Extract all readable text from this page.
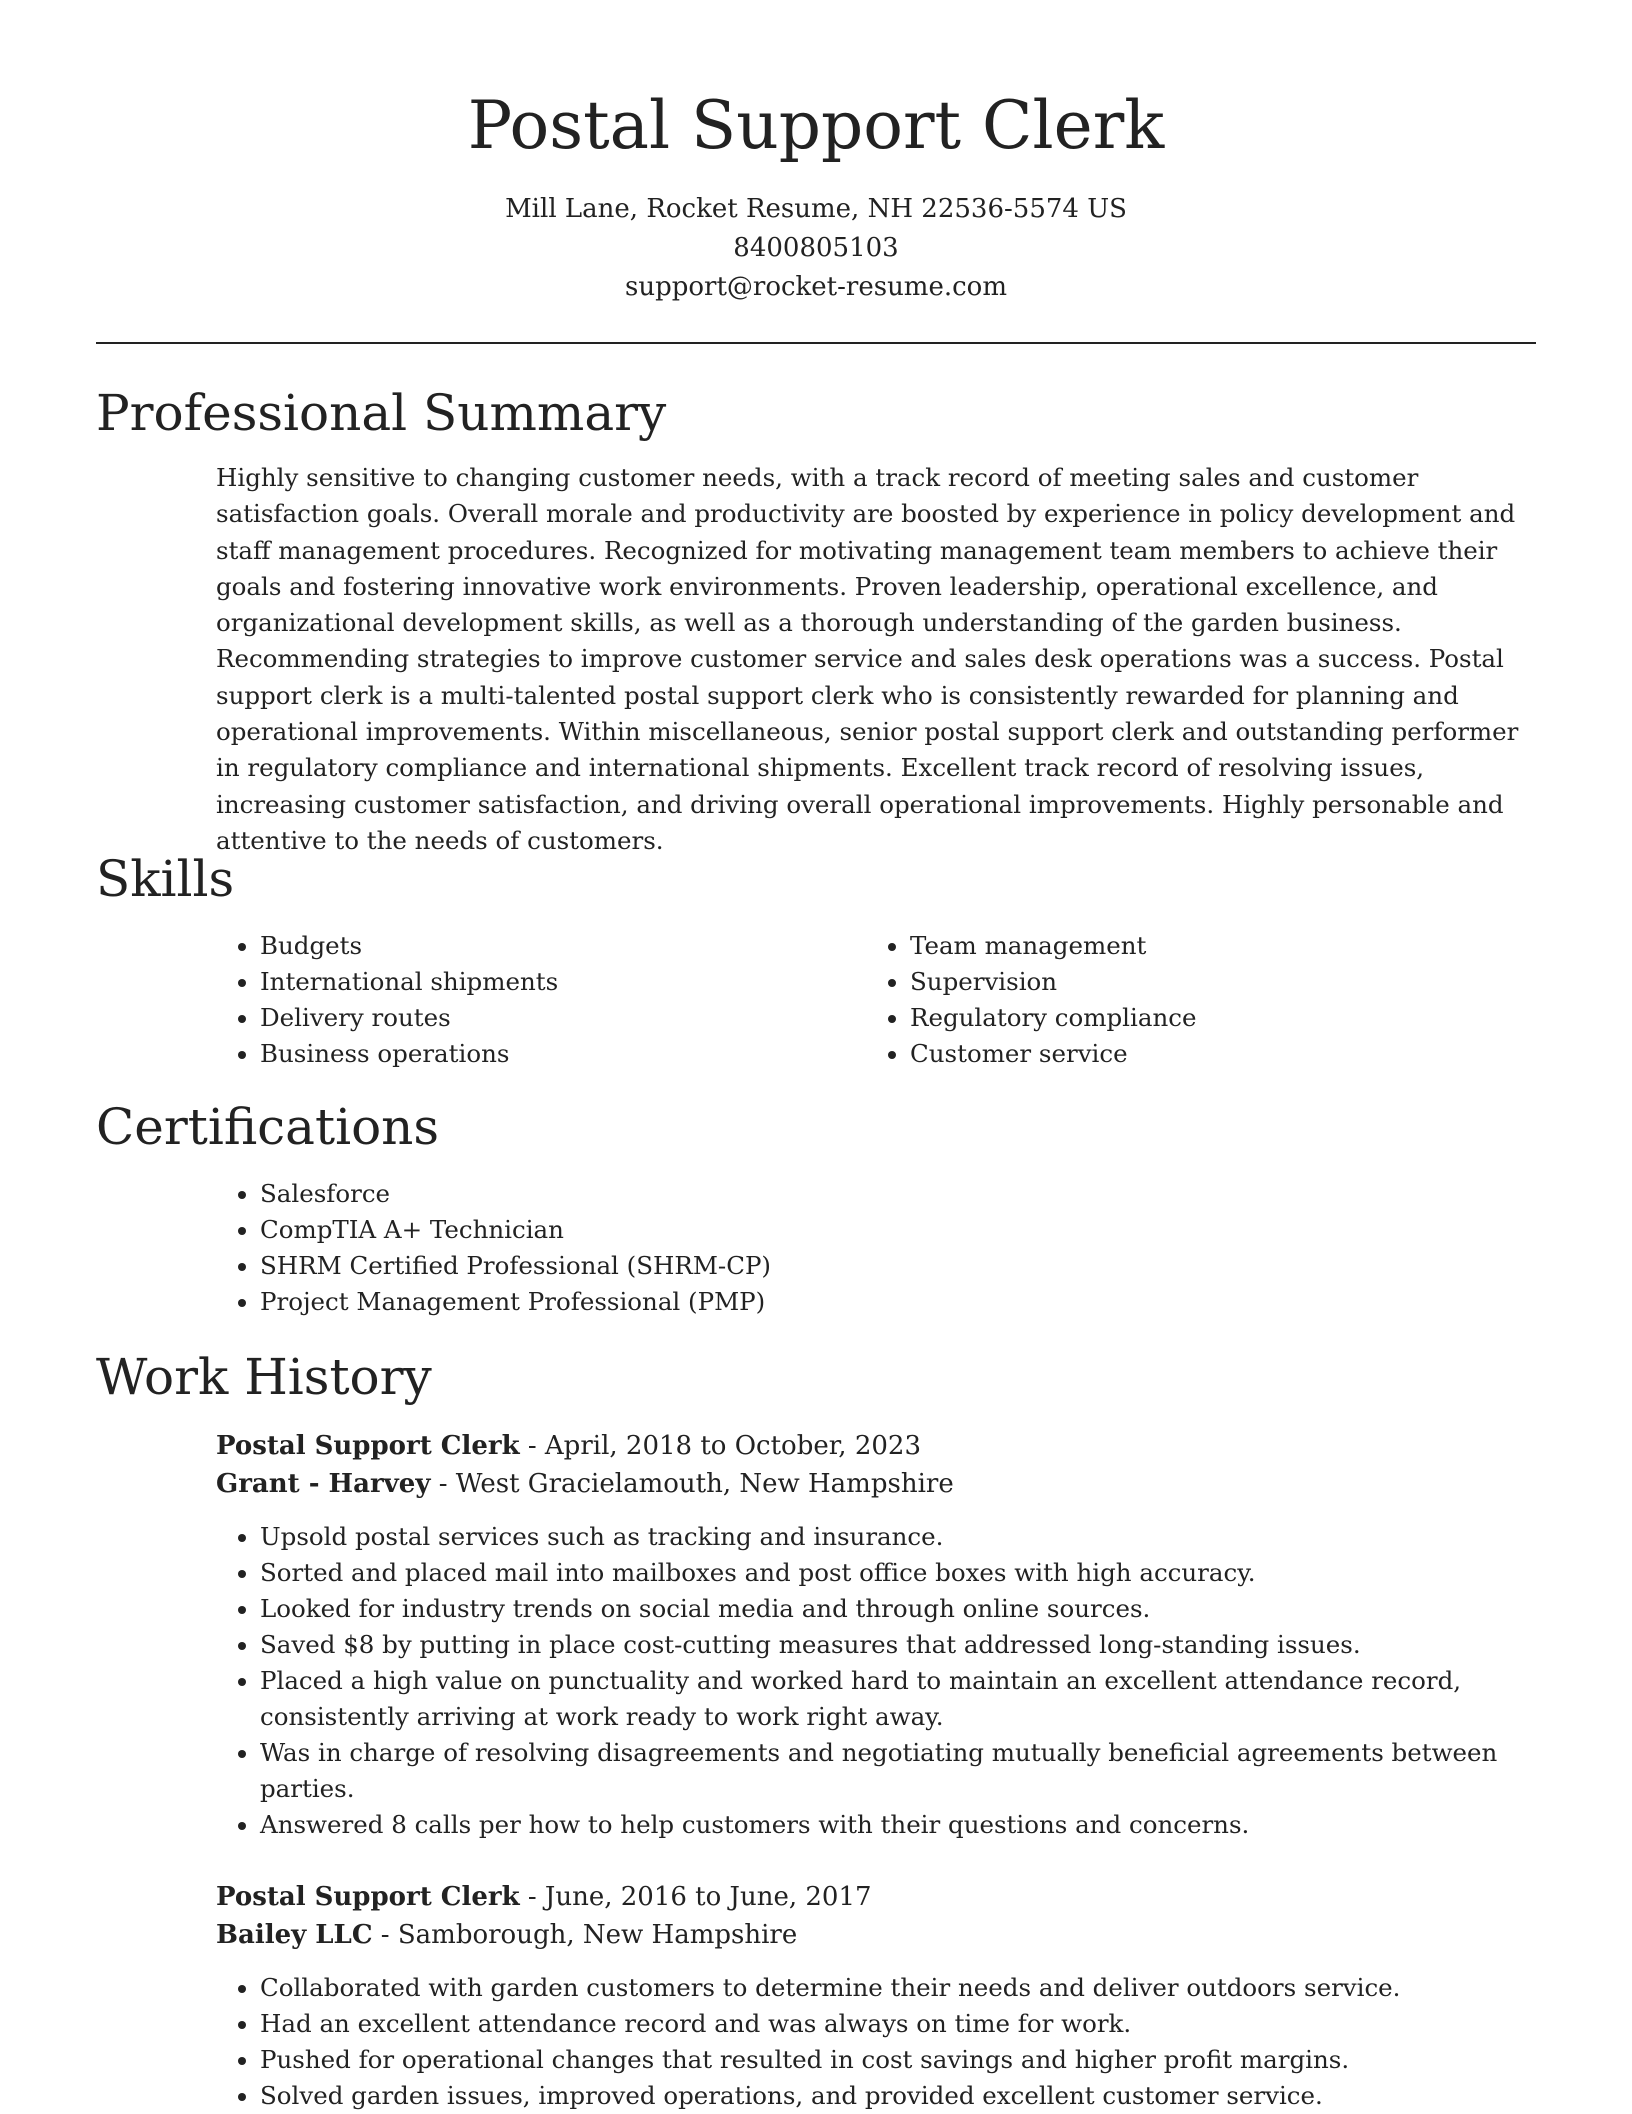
Postal Support Clerk
Mill Lane, Rocket Resume, NH 22536-5574 US
8400805103
support@rocket-resume.com
Professional Summary

Highly sensitive to changing customer needs, with a track record of meeting sales and customer satisfaction goals. Overall morale and productivity are boosted by experience in policy development and staff management procedures. Recognized for motivating management team members to achieve their goals and fostering innovative work environments. Proven leadership, operational excellence, and organizational development skills, as well as a thorough understanding of the garden business. Recommending strategies to improve customer service and sales desk operations was a success. Postal support clerk is a multi-talented postal support clerk who is consistently rewarded for planning and operational improvements. Within miscellaneous, senior postal support clerk and outstanding performer in regulatory compliance and international shipments. Excellent track record of resolving issues, increasing customer satisfaction, and driving overall operational improvements. Highly personable and attentive to the needs of customers.

Skills
• Budgets
• International shipments
• Delivery routes
• Business operations
• Team management
• Supervision
• Regulatory compliance
• Customer service
Certifications
• Salesforce
• CompTIA A+ Technician
• SHRM Certified Professional (SHRM-CP)
• Project Management Professional (PMP)
Work History
Postal Support Clerk - April, 2018 to October, 2023
Grant - Harvey - West Gracielamouth, New Hampshire
• Upsold postal services such as tracking and insurance.
• Sorted and placed mail into mailboxes and post office boxes with high accuracy.
• Looked for industry trends on social media and through online sources.
• Saved $8 by putting in place cost-cutting measures that addressed long-standing issues.
• Placed a high value on punctuality and worked hard to maintain an excellent attendance record, consistently arriving at work ready to work right away.
• Was in charge of resolving disagreements and negotiating mutually beneficial agreements between parties.
• Answered 8 calls per how to help customers with their questions and concerns.
Postal Support Clerk - June, 2016 to June, 2017
Bailey LLC - Samborough, New Hampshire
• Collaborated with garden customers to determine their needs and deliver outdoors service.
• Had an excellent attendance record and was always on time for work.
• Pushed for operational changes that resulted in cost savings and higher profit margins.
• Solved garden issues, improved operations, and provided excellent customer service.
